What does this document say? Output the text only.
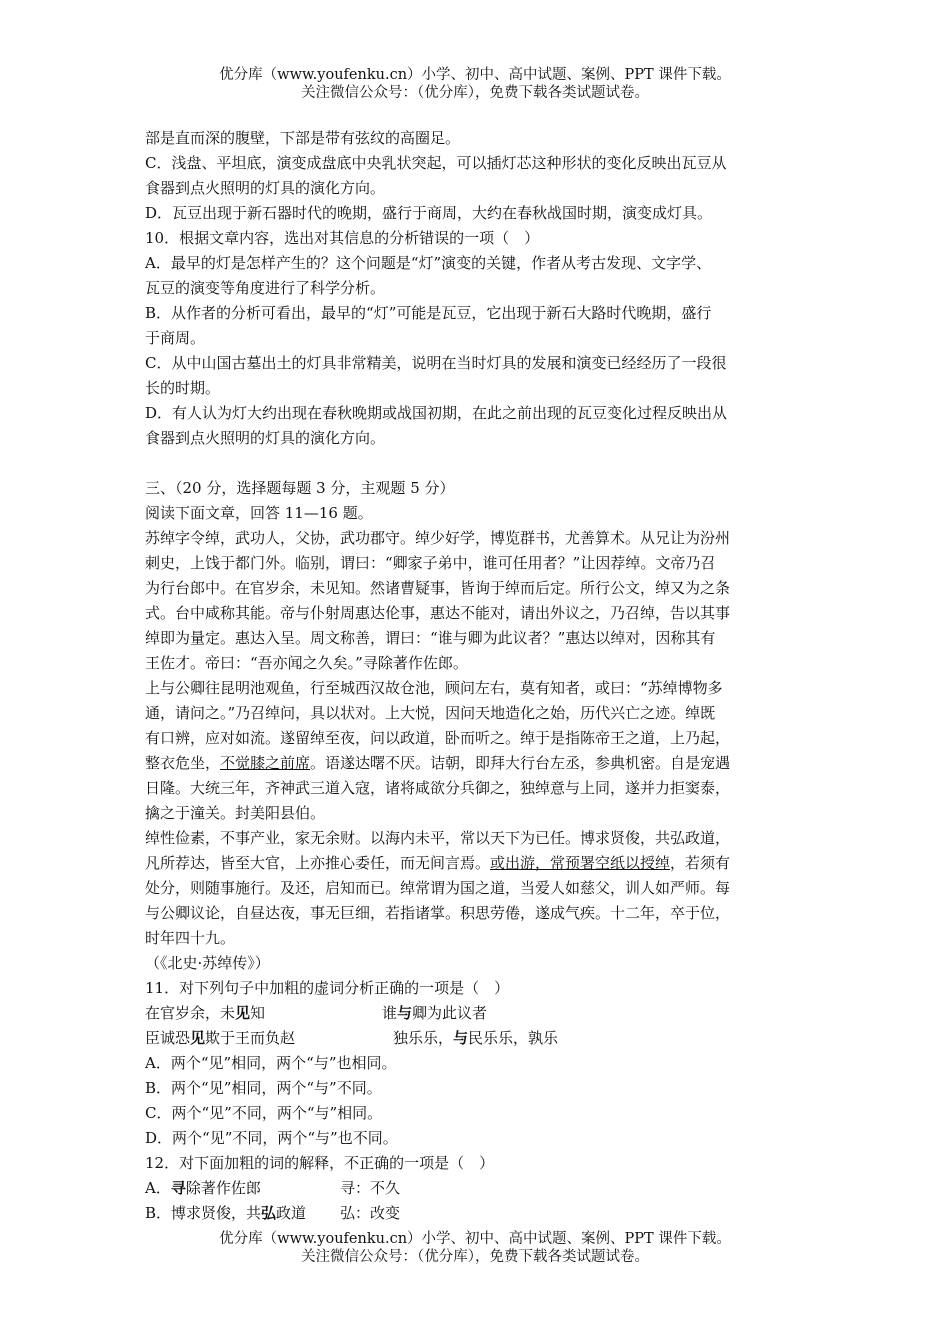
优分库（www.youfenku.cn）小学、初中、高中试题、案例、PPT 课件下载。
关注微信公众号：（优分库），免费下载各类试题试卷。

部是直而深的腹壁，下部是带有弦纹的高圈足。

C．浅盘、平坦底，演变成盘底中央乳状突起，可以插灯芯这种形状的变化反映出瓦豆从

食器到点火照明的灯具的演化方向。

D．瓦豆出现于新石器时代的晚期，盛行于商周，大约在春秋战国时期，演变成灯具。

10．根据文章内容，选出对其信息的分析错误的一项（　）

A．最早的灯是怎样产生的？这个问题是“灯”演变的关键，作者从考古发现、文字学、

瓦豆的演变等角度进行了科学分析。

B．从作者的分析可看出，最早的“灯”可能是瓦豆，它出现于新石大路时代晚期，盛行

于商周。

C．从中山国古墓出土的灯具非常精美，说明在当时灯具的发展和演变已经经历了一段很

长的时期。

D．有人认为灯大约出现在春秋晚期或战国初期，在此之前出现的瓦豆变化过程反映出从

食器到点火照明的灯具的演化方向。

三、（20 分，选择题每题 3 分，主观题 5 分）

阅读下面文章，回答 11—16 题。

苏绰字令绰，武功人，父协，武功郡守。绰少好学，博览群书，尤善算术。从兄让为汾州

刺史，上饯于都门外。临别，谓曰：“卿家子弟中，谁可任用者？”让因荐绰。文帝乃召

为行台郎中。在官岁余，未见知。然诸曹疑事，皆询于绰而后定。所行公文，绰又为之条

式。台中咸称其能。帝与仆射周惠达伦事，惠达不能对，请出外议之，乃召绰，告以其事

绰即为量定。惠达入呈。周文称善，谓曰：“谁与卿为此议者？”惠达以绰对，因称其有

王佐才。帝曰：“吾亦闻之久矣。”寻除著作佐郎。

上与公卿往昆明池观鱼，行至城西汉故仓池，顾问左右，莫有知者，或曰：“苏绰博物多

通，请问之。”乃召绰问，具以状对。上大悦，因问天地造化之始，历代兴亡之迹。绰既

有口辨，应对如流。遂留绰至夜，问以政道，卧而听之。绰于是指陈帝王之道，上乃起，

整衣危坐，不觉膝之前席。语遂达曙不厌。诘朝，即拜大行台左丞，参典机密。自是宠遇

日隆。大统三年，齐神武三道入寇，诸将咸欲分兵御之，独绰意与上同，遂并力拒窦泰，

擒之于潼关。封美阳县伯。

绰性俭素，不事产业，家无余财。以海内未平，常以天下为已任。博求贤俊，共弘政道，

凡所荐达，皆至大官，上亦推心委任，而无间言焉。或出游，常预署空纸以授绰，若须有

处分，则随事施行。及还，启知而已。绰常谓为国之道，当爱人如慈父，训人如严师。每

与公卿议论，自昼达夜，事无巨细，若指诸掌。积思劳倦，遂成气疾。十二年，卒于位，

时年四十九。

（《北史·苏绰传》）

11．对下列句子中加粗的虚词分析正确的一项是（　）

在官岁余，未见知	谁与卿为此议者
臣诚恐见欺于王而负赵	独乐乐，与民乐乐，孰乐

A．两个“见”相同，两个“与”也相同。

B．两个“见”相同，两个“与”不同。

C．两个“见”不同，两个“与”相同。

D．两个“见”不同，两个“与”也不同。

12．对下面加粗的词的解释，不正确的一项是（　）

A．寻除著作佐郎	寻：不久
B．博求贤俊，共弘政道	弘：改变
优分库（www.youfenku.cn）小学、初中、高中试题、案例、PPT 课件下载。
关注微信公众号：（优分库），免费下载各类试题试卷。
